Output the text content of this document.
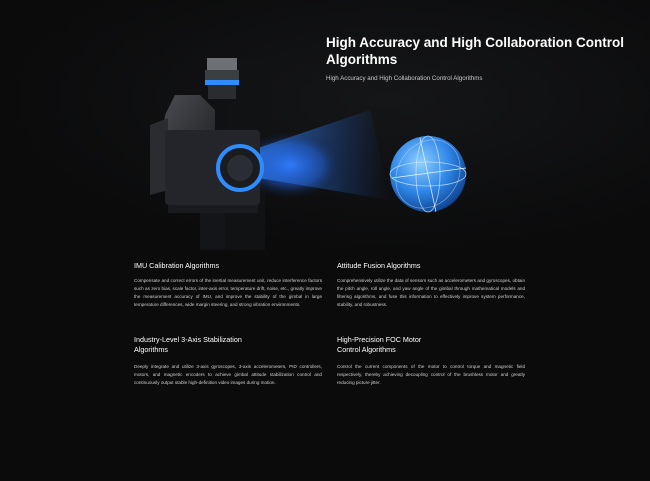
High Accuracy and High Collaboration Control Algorithms

High Accuracy and High Collaboration Control Algorithms

IMU Calibration Algorithms

Compensate and correct errors of the inertial measurement unit, reduce interference factors such as zero bias, scale factor, inter-axis error, temperature drift, noise, etc., greatly improve the measurement accuracy of IMU, and improve the stability of the gimbal in large temperature differences, wide margin steering, and strong vibration environments.

Attitude Fusion Algorithms

Comprehensively utilize the data of sensors such as accelerometers and gyroscopes, obtain the pitch angle, roll angle, and yaw angle of the gimbal through mathematical models and filtering algorithms, and fuse this information to effectively improve system performance, stability, and robustness.

Industry-Level 3-Axis Stabilization Algorithms

Deeply integrate and utilize 3-axis gyroscopes, 3-axis accelerometers, PID controllers, motors, and magnetic encoders to achieve gimbal attitude stabilization control and continuously output stable high-definition video images during motion.

High-Precision FOC Motor Control Algorithms

Control the current components of the motor to control torque and magnetic field respectively, thereby achieving decoupling control of the brushless motor and greatly reducing picture jitter.
